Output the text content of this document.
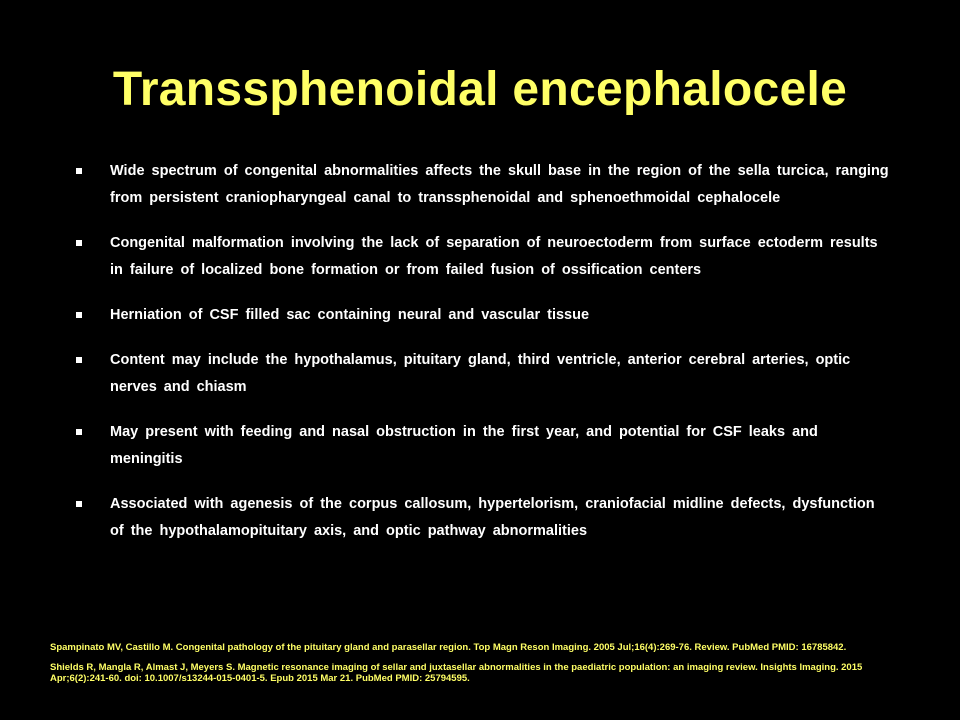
Transsphenoidal encephalocele
Wide spectrum of congenital abnormalities affects the skull base in the region of the sella turcica, ranging from persistent craniopharyngeal canal to transsphenoidal and sphenoethmoidal cephalocele
Congenital malformation involving the lack of separation of neuroectoderm from surface ectoderm results in failure of localized bone formation or from failed fusion of ossification centers
Herniation of CSF filled sac containing neural and vascular tissue
Content may include the hypothalamus, pituitary gland, third ventricle, anterior cerebral arteries, optic nerves and chiasm
May present with feeding and nasal obstruction in the first year, and potential for CSF leaks and meningitis
Associated with agenesis of the corpus callosum, hypertelorism, craniofacial midline defects, dysfunction of the hypothalamopituitary axis, and optic pathway abnormalities
Spampinato MV, Castillo M. Congenital pathology of the pituitary gland and parasellar region. Top Magn Reson Imaging. 2005 Jul;16(4):269-76. Review. PubMed PMID: 16785842.
Shields R, Mangla R, Almast J, Meyers S. Magnetic resonance imaging of sellar and juxtasellar abnormalities in the paediatric population: an imaging review. Insights Imaging. 2015 Apr;6(2):241-60. doi: 10.1007/s13244-015-0401-5. Epub 2015 Mar 21. PubMed PMID: 25794595.
